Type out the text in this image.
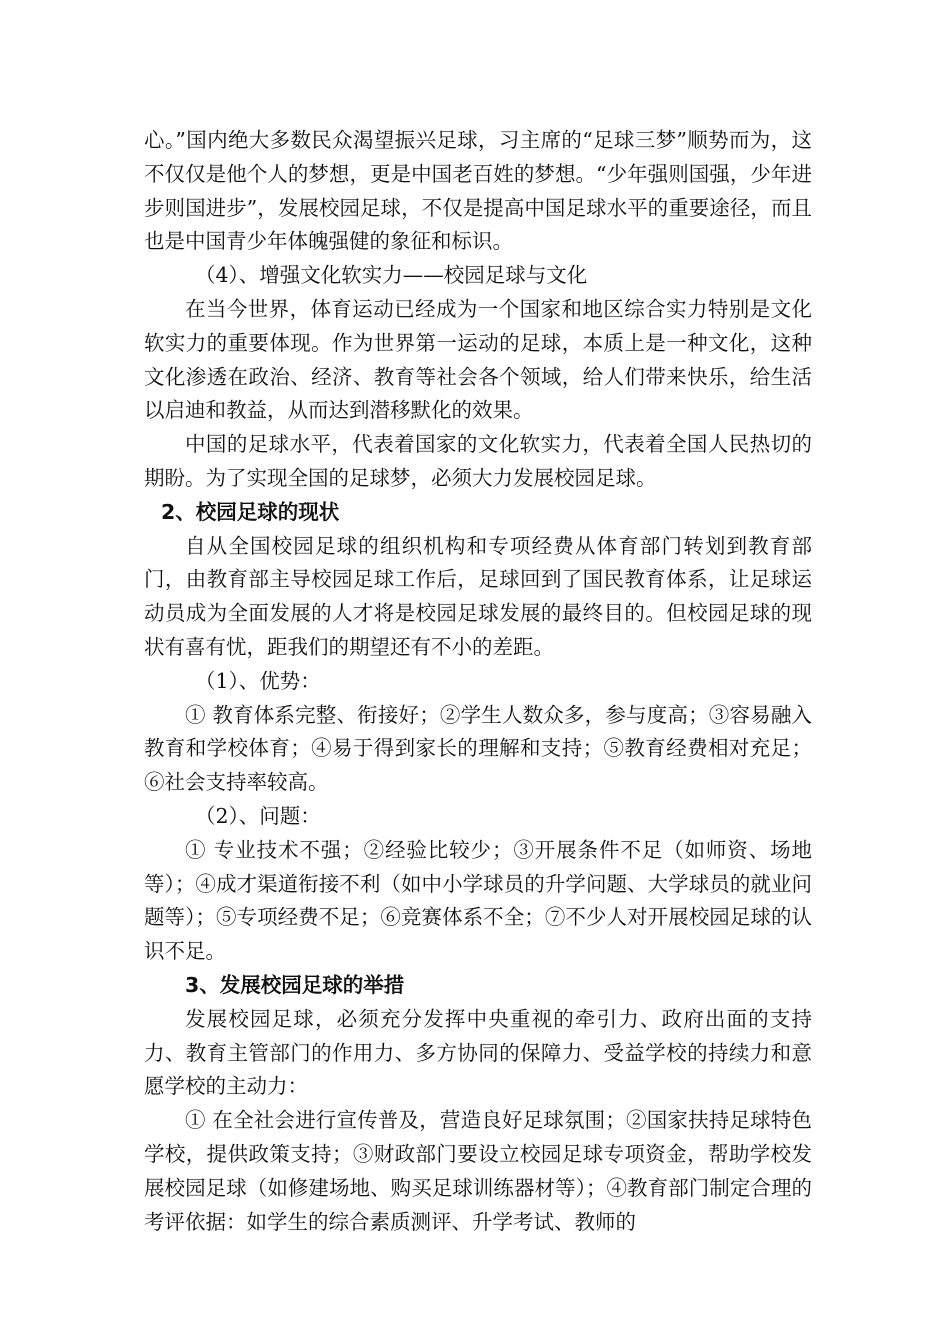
心。”国内绝大多数民众渴望振兴足球，习主席的“足球三梦”顺势而为，这不仅仅是他个人的梦想，更是中国老百姓的梦想。“少年强则国强，少年进步则国进步”，发展校园足球，不仅是提高中国足球水平的重要途径，而且也是中国青少年体魄强健的象征和标识。

（4）、增强文化软实力——校园足球与文化

在当今世界，体育运动已经成为一个国家和地区综合实力特别是文化软实力的重要体现。作为世界第一运动的足球，本质上是一种文化，这种文化渗透在政治、经济、教育等社会各个领域，给人们带来快乐，给生活以启迪和教益，从而达到潜移默化的效果。

中国的足球水平，代表着国家的文化软实力，代表着全国人民热切的期盼。为了实现全国的足球梦，必须大力发展校园足球。

2、校园足球的现状

自从全国校园足球的组织机构和专项经费从体育部门转划到教育部门，由教育部主导校园足球工作后，足球回到了国民教育体系，让足球运动员成为全面发展的人才将是校园足球发展的最终目的。但校园足球的现状有喜有忧，距我们的期望还有不小的差距。

（1）、优势：

① 教育体系完整、衔接好；②学生人数众多，参与度高；③容易融入教育和学校体育；④易于得到家长的理解和支持；⑤教育经费相对充足；⑥社会支持率较高。

（2）、问题：

① 专业技术不强；②经验比较少；③开展条件不足（如师资、场地等）；④成才渠道衔接不利（如中小学球员的升学问题、大学球员的就业问题等）；⑤专项经费不足；⑥竞赛体系不全；⑦不少人对开展校园足球的认识不足。

3、发展校园足球的举措

发展校园足球，必须充分发挥中央重视的牵引力、政府出面的支持力、教育主管部门的作用力、多方协同的保障力、受益学校的持续力和意愿学校的主动力：

① 在全社会进行宣传普及，营造良好足球氛围；②国家扶持足球特色学校，提供政策支持；③财政部门要设立校园足球专项资金，帮助学校发展校园足球（如修建场地、购买足球训练器材等）；④教育部门制定合理的考评依据：如学生的综合素质测评、升学考试、教师的
